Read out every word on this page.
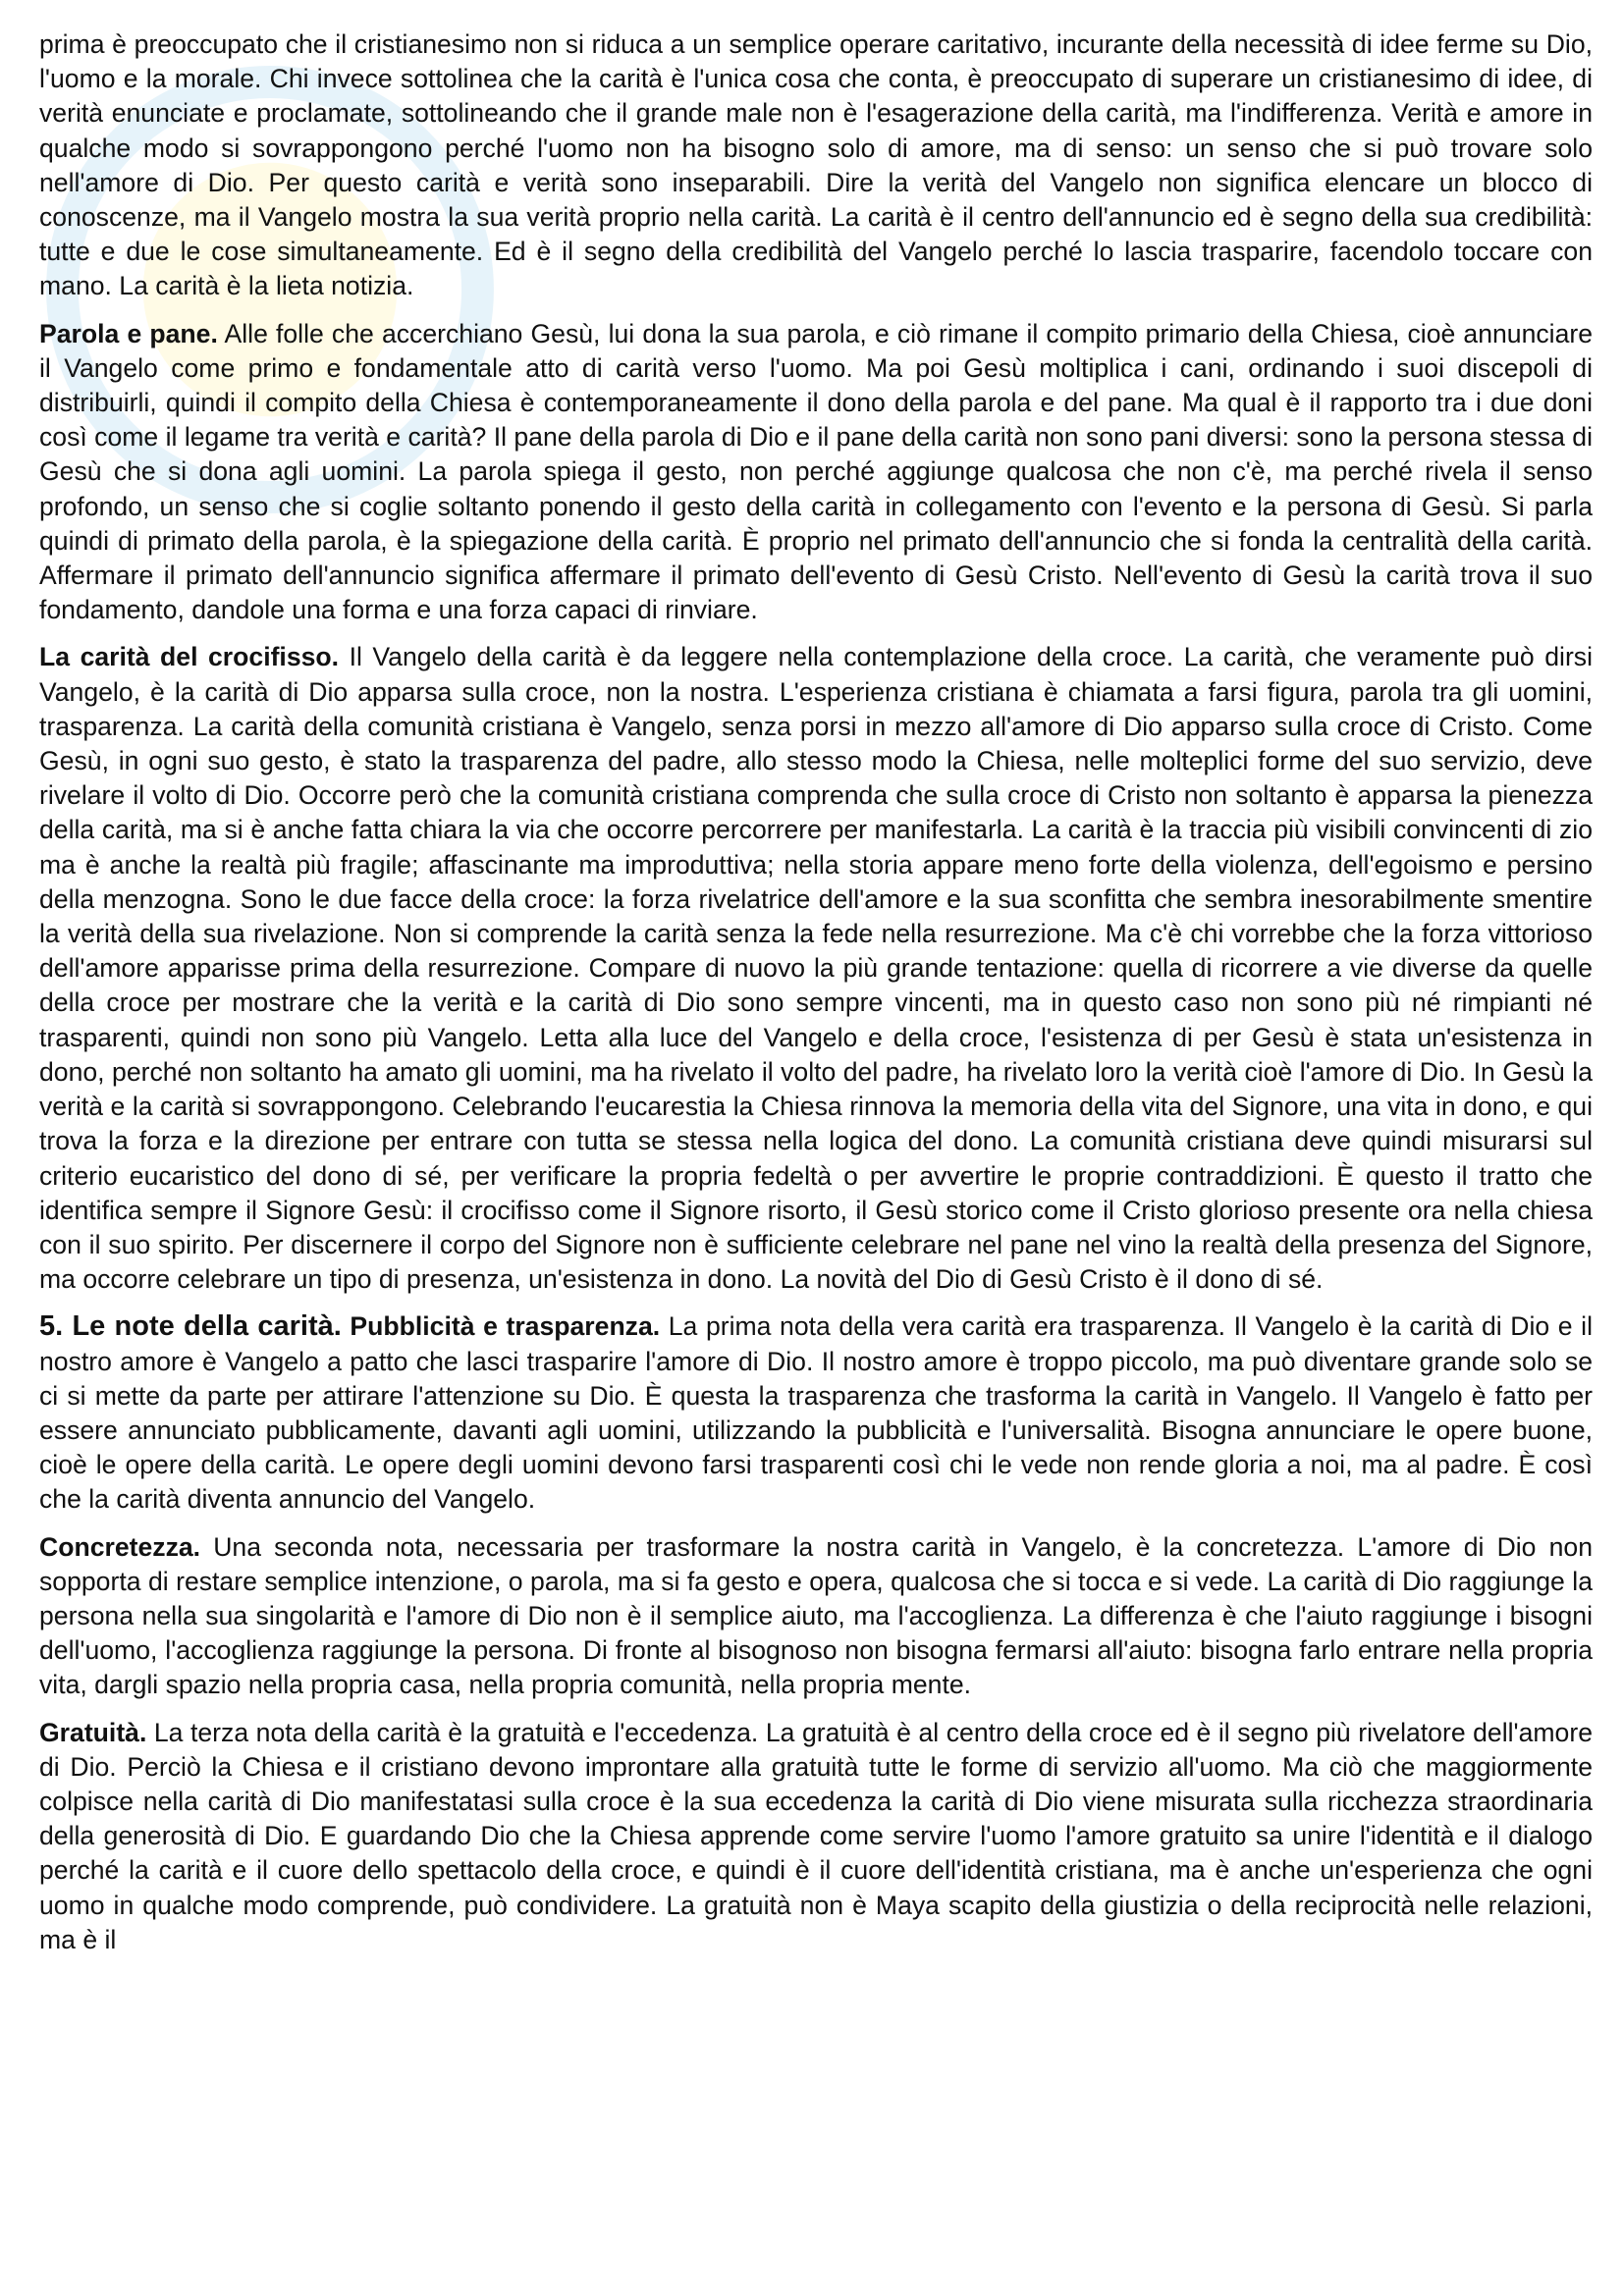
prima è preoccupato che il cristianesimo non si riduca a un semplice operare caritativo, incurante della necessità di idee ferme su Dio, l'uomo e la morale. Chi invece sottolinea che la carità è l'unica cosa che conta, è preoccupato di superare un cristianesimo di idee, di verità enunciate e proclamate, sottolineando che il grande male non è l'esagerazione della carità, ma l'indifferenza. Verità e amore in qualche modo si sovrappongono perché l'uomo non ha bisogno solo di amore, ma di senso: un senso che si può trovare solo nell'amore di Dio. Per questo carità e verità sono inseparabili. Dire la verità del Vangelo non significa elencare un blocco di conoscenze, ma il Vangelo mostra la sua verità proprio nella carità. La carità è il centro dell'annuncio ed è segno della sua credibilità: tutte e due le cose simultaneamente. Ed è il segno della credibilità del Vangelo perché lo lascia trasparire, facendolo toccare con mano. La carità è la lieta notizia.

Parola e pane. Alle folle che accerchiano Gesù, lui dona la sua parola, e ciò rimane il compito primario della Chiesa, cioè annunciare il Vangelo come primo e fondamentale atto di carità verso l'uomo. Ma poi Gesù moltiplica i cani, ordinando i suoi discepoli di distribuirli, quindi il compito della Chiesa è contemporaneamente il dono della parola e del pane. Ma qual è il rapporto tra i due doni così come il legame tra verità e carità? Il pane della parola di Dio e il pane della carità non sono pani diversi: sono la persona stessa di Gesù che si dona agli uomini. La parola spiega il gesto, non perché aggiunge qualcosa che non c'è, ma perché rivela il senso profondo, un senso che si coglie soltanto ponendo il gesto della carità in collegamento con l'evento e la persona di Gesù. Si parla quindi di primato della parola, è la spiegazione della carità. È proprio nel primato dell'annuncio che si fonda la centralità della carità. Affermare il primato dell'annuncio significa affermare il primato dell'evento di Gesù Cristo. Nell'evento di Gesù la carità trova il suo fondamento, dandole una forma e una forza capaci di rinviare.

La carità del crocifisso. Il Vangelo della carità è da leggere nella contemplazione della croce. La carità, che veramente può dirsi Vangelo, è la carità di Dio apparsa sulla croce, non la nostra. L'esperienza cristiana è chiamata a farsi figura, parola tra gli uomini, trasparenza. La carità della comunità cristiana è Vangelo, senza porsi in mezzo all'amore di Dio apparso sulla croce di Cristo. Come Gesù, in ogni suo gesto, è stato la trasparenza del padre, allo stesso modo la Chiesa, nelle molteplici forme del suo servizio, deve rivelare il volto di Dio. Occorre però che la comunità cristiana comprenda che sulla croce di Cristo non soltanto è apparsa la pienezza della carità, ma si è anche fatta chiara la via che occorre percorrere per manifestarla. La carità è la traccia più visibili convincenti di zio ma è anche la realtà più fragile; affascinante ma improduttiva; nella storia appare meno forte della violenza, dell'egoismo e persino della menzogna. Sono le due facce della croce: la forza rivelatrice dell'amore e la sua sconfitta che sembra inesorabilmente smentire la verità della sua rivelazione. Non si comprende la carità senza la fede nella resurrezione. Ma c'è chi vorrebbe che la forza vittorioso dell'amore apparisse prima della resurrezione. Compare di nuovo la più grande tentazione: quella di ricorrere a vie diverse da quelle della croce per mostrare che la verità e la carità di Dio sono sempre vincenti, ma in questo caso non sono più né rimpianti né trasparenti, quindi non sono più Vangelo. Letta alla luce del Vangelo e della croce, l'esistenza di per Gesù è stata un'esistenza in dono, perché non soltanto ha amato gli uomini, ma ha rivelato il volto del padre, ha rivelato loro la verità cioè l'amore di Dio. In Gesù la verità e la carità si sovrappongono. Celebrando l'eucarestia la Chiesa rinnova la memoria della vita del Signore, una vita in dono, e qui trova la forza e la direzione per entrare con tutta se stessa nella logica del dono. La comunità cristiana deve quindi misurarsi sul criterio eucaristico del dono di sé, per verificare la propria fedeltà o per avvertire le proprie contraddizioni. È questo il tratto che identifica sempre il Signore Gesù: il crocifisso come il Signore risorto, il Gesù storico come il Cristo glorioso presente ora nella chiesa con il suo spirito. Per discernere il corpo del Signore non è sufficiente celebrare nel pane nel vino la realtà della presenza del Signore, ma occorre celebrare un tipo di presenza, un'esistenza in dono. La novità del Dio di Gesù Cristo è il dono di sé.

5. Le note della carità. Pubblicità e trasparenza. La prima nota della vera carità era trasparenza. Il Vangelo è la carità di Dio e il nostro amore è Vangelo a patto che lasci trasparire l'amore di Dio. Il nostro amore è troppo piccolo, ma può diventare grande solo se ci si mette da parte per attirare l'attenzione su Dio. È questa la trasparenza che trasforma la carità in Vangelo. Il Vangelo è fatto per essere annunciato pubblicamente, davanti agli uomini, utilizzando la pubblicità e l'universalità. Bisogna annunciare le opere buone, cioè le opere della carità. Le opere degli uomini devono farsi trasparenti così chi le vede non rende gloria a noi, ma al padre. È così che la carità diventa annuncio del Vangelo.

Concretezza. Una seconda nota, necessaria per trasformare la nostra carità in Vangelo, è la concretezza. L'amore di Dio non sopporta di restare semplice intenzione, o parola, ma si fa gesto e opera, qualcosa che si tocca e si vede. La carità di Dio raggiunge la persona nella sua singolarità e l'amore di Dio non è il semplice aiuto, ma l'accoglienza. La differenza è che l'aiuto raggiunge i bisogni dell'uomo, l'accoglienza raggiunge la persona. Di fronte al bisognoso non bisogna fermarsi all'aiuto: bisogna farlo entrare nella propria vita, dargli spazio nella propria casa, nella propria comunità, nella propria mente.

Gratuità. La terza nota della carità è la gratuità e l'eccedenza. La gratuità è al centro della croce ed è il segno più rivelatore dell'amore di Dio. Perciò la Chiesa e il cristiano devono improntare alla gratuità tutte le forme di servizio all'uomo. Ma ciò che maggiormente colpisce nella carità di Dio manifestatasi sulla croce è la sua eccedenza la carità di Dio viene misurata sulla ricchezza straordinaria della generosità di Dio. E guardando Dio che la Chiesa apprende come servire l'uomo l'amore gratuito sa unire l'identità e il dialogo perché la carità e il cuore dello spettacolo della croce, e quindi è il cuore dell'identità cristiana, ma è anche un'esperienza che ogni uomo in qualche modo comprende, può condividere. La gratuità non è Maya scapito della giustizia o della reciprocità nelle relazioni, ma è il
